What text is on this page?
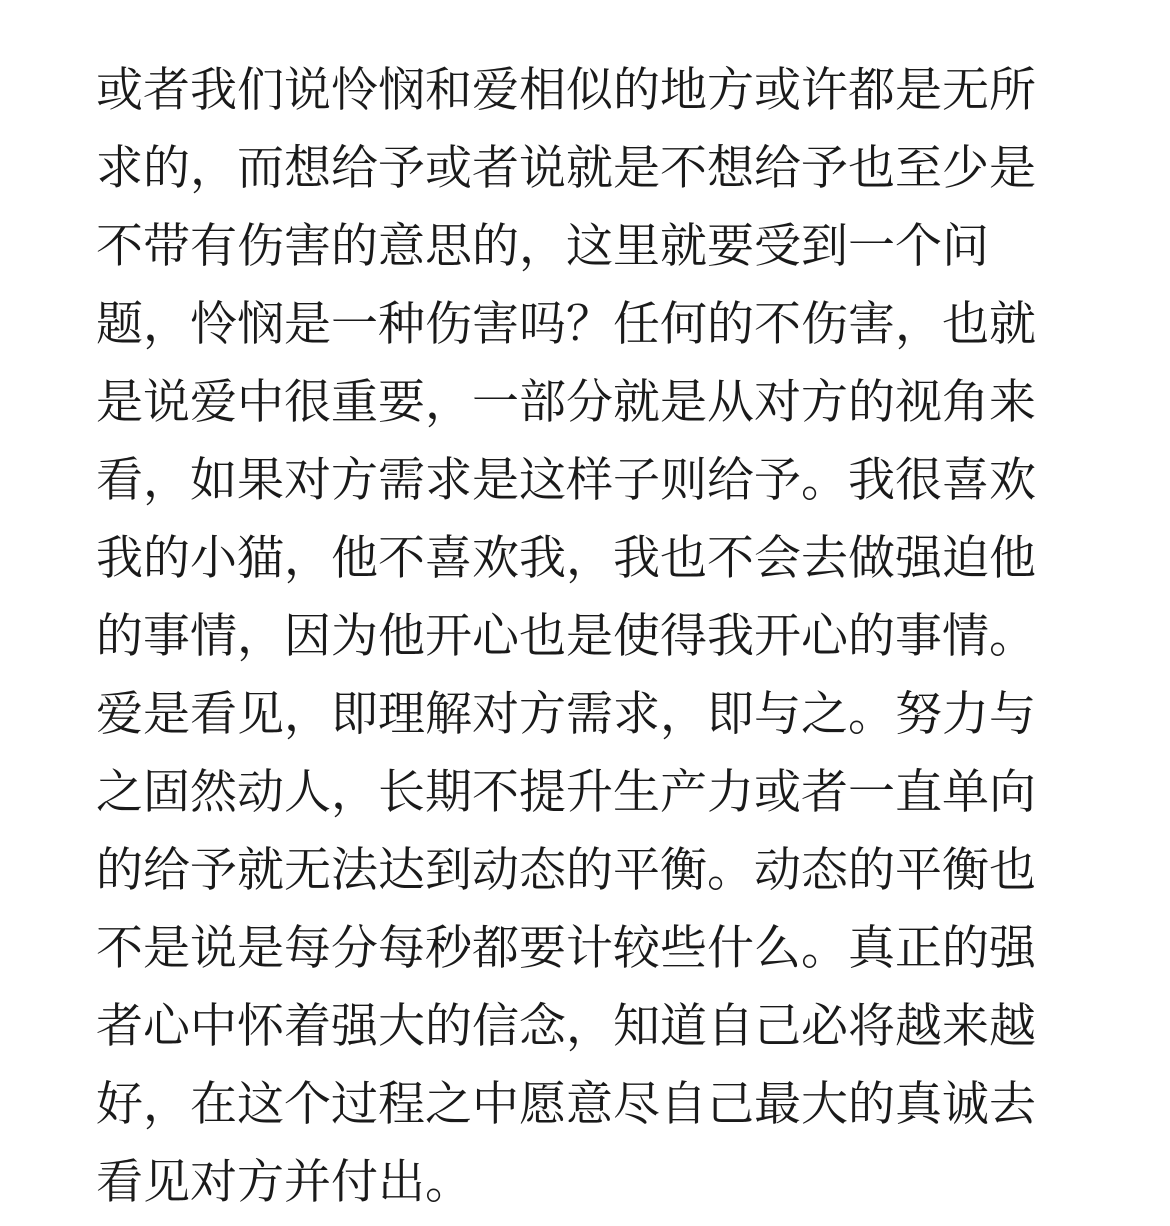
或者我们说怜悯和爱相似的地方或许都是无所
求的，而想给予或者说就是不想给予也至少是
不带有伤害的意思的，这里就要受到一个问
题，怜悯是一种伤害吗？任何的不伤害，也就
是说爱中很重要，一部分就是从对方的视角来
看，如果对方需求是这样子则给予。我很喜欢
我的小猫，他不喜欢我，我也不会去做强迫他
的事情，因为他开心也是使得我开心的事情。
爱是看见，即理解对方需求，即与之。努力与
之固然动人，长期不提升生产力或者一直单向
的给予就无法达到动态的平衡。动态的平衡也
不是说是每分每秒都要计较些什么。真正的强
者心中怀着强大的信念，知道自己必将越来越
好，在这个过程之中愿意尽自己最大的真诚去
看见对方并付出。
